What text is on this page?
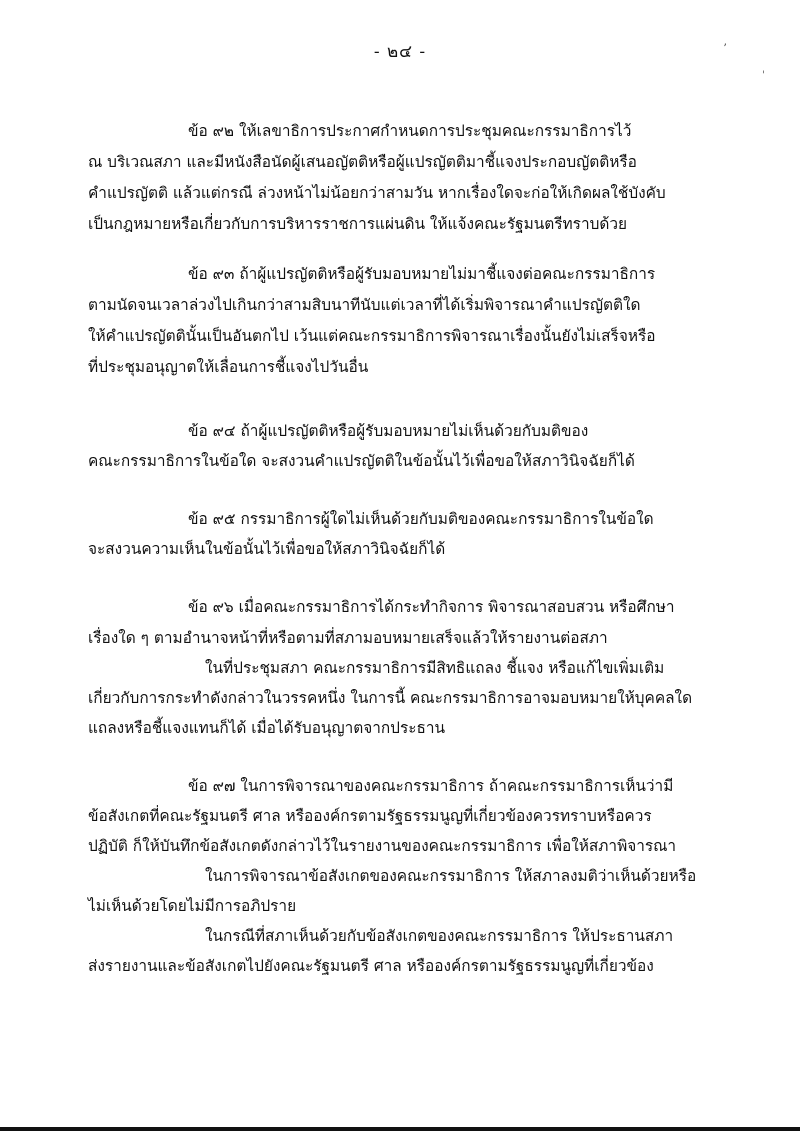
- ๒๔ -	ʼ
'
ข้อ ๙๒ ให้เลขาธิการประกาศกำหนดการประชุมคณะกรรมาธิการไว้
ณ บริเวณสภา และมีหนังสือนัดผู้เสนอญัตติหรือผู้แปรญัตติมาชี้แจงประกอบญัตติหรือ
คำแปรญัตติ แล้วแต่กรณี ล่วงหน้าไม่น้อยกว่าสามวัน หากเรื่องใดจะก่อให้เกิดผลใช้บังคับ
เป็นกฎหมายหรือเกี่ยวกับการบริหารราชการแผ่นดิน ให้แจ้งคณะรัฐมนตรีทราบด้วย
ข้อ ๙๓ ถ้าผู้แปรญัตติหรือผู้รับมอบหมายไม่มาชี้แจงต่อคณะกรรมาธิการ
ตามนัดจนเวลาล่วงไปเกินกว่าสามสิบนาทีนับแต่เวลาที่ได้เริ่มพิจารณาคำแปรญัตติใด
ให้คำแปรญัตตินั้นเป็นอันตกไป เว้นแต่คณะกรรมาธิการพิจารณาเรื่องนั้นยังไม่เสร็จหรือ
ที่ประชุมอนุญาตให้เลื่อนการชี้แจงไปวันอื่น
ข้อ ๙๔ ถ้าผู้แปรญัตติหรือผู้รับมอบหมายไม่เห็นด้วยกับมติของ
คณะกรรมาธิการในข้อใด จะสงวนคำแปรญัตติในข้อนั้นไว้เพื่อขอให้สภาวินิจฉัยก็ได้
ข้อ ๙๕ กรรมาธิการผู้ใดไม่เห็นด้วยกับมติของคณะกรรมาธิการในข้อใด
จะสงวนความเห็นในข้อนั้นไว้เพื่อขอให้สภาวินิจฉัยก็ได้
ข้อ ๙๖ เมื่อคณะกรรมาธิการได้กระทำกิจการ พิจารณาสอบสวน หรือศึกษา
เรื่องใด ๆ ตามอำนาจหน้าที่หรือตามที่สภามอบหมายเสร็จแล้วให้รายงานต่อสภา
ในที่ประชุมสภา คณะกรรมาธิการมีสิทธิแถลง ชี้แจง หรือแก้ไขเพิ่มเติม
เกี่ยวกับการกระทำดังกล่าวในวรรคหนึ่ง ในการนี้ คณะกรรมาธิการอาจมอบหมายให้บุคคลใด
แถลงหรือชี้แจงแทนก็ได้ เมื่อได้รับอนุญาตจากประธาน
ข้อ ๙๗ ในการพิจารณาของคณะกรรมาธิการ ถ้าคณะกรรมาธิการเห็นว่ามี
ข้อสังเกตที่คณะรัฐมนตรี ศาล หรือองค์กรตามรัฐธรรมนูญที่เกี่ยวข้องควรทราบหรือควร
ปฏิบัติ ก็ให้บันทึกข้อสังเกตดังกล่าวไว้ในรายงานของคณะกรรมาธิการ เพื่อให้สภาพิจารณา
ในการพิจารณาข้อสังเกตของคณะกรรมาธิการ ให้สภาลงมติว่าเห็นด้วยหรือ
ไม่เห็นด้วยโดยไม่มีการอภิปราย
ในกรณีที่สภาเห็นด้วยกับข้อสังเกตของคณะกรรมาธิการ ให้ประธานสภา
ส่งรายงานและข้อสังเกตไปยังคณะรัฐมนตรี ศาล หรือองค์กรตามรัฐธรรมนูญที่เกี่ยวข้อง
